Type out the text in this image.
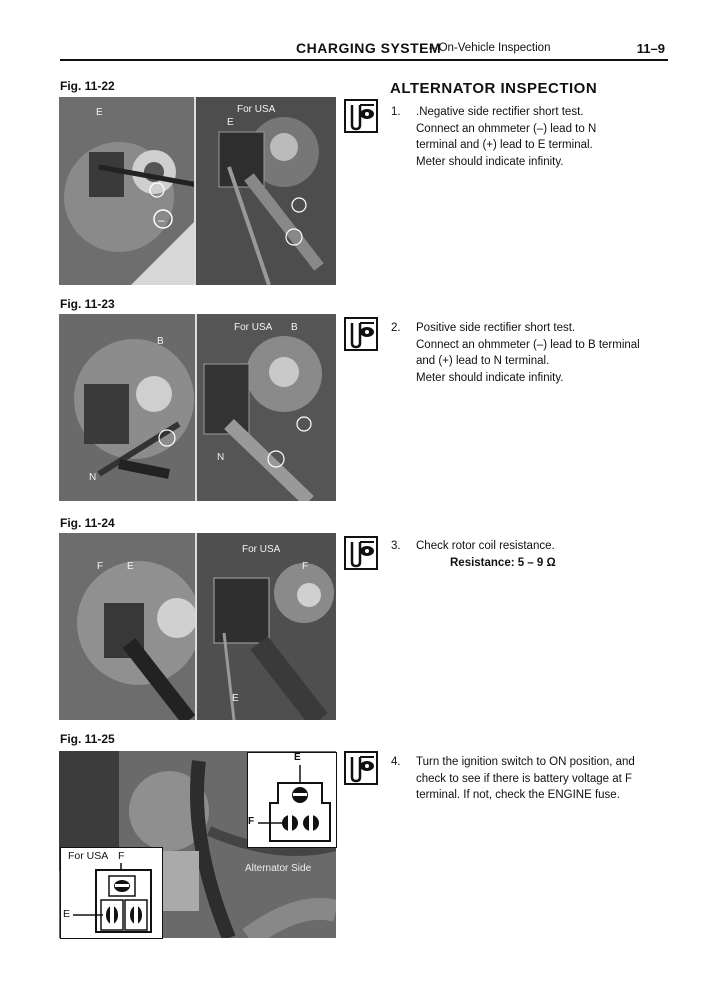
CHARGING SYSTEM
– On-Vehicle Inspection	11–9
ALTERNATOR INSPECTION
Fig. 11-22
–
E	For USA
E
Fig. 11-23
For USA B
B
N
N
Fig. 11-24
For USA
F E	F
E
Fig. 11-25
Alternator Side
E
F
For USA F
E
1. .Negative side rectifier short test.
Connect an ohmmeter (–) lead to N
terminal and (+) lead to E terminal.
Meter should indicate infinity.
2. Positive side rectifier short test.
Connect an ohmmeter (–) lead to B terminal
and (+) lead to N terminal.
Meter should indicate infinity.
3. Check rotor coil resistance.
Resistance: 5 – 9 Ω
4. Turn the ignition switch to ON position, and
check to see if there is battery voltage at F
terminal. If not, check the ENGINE fuse.
